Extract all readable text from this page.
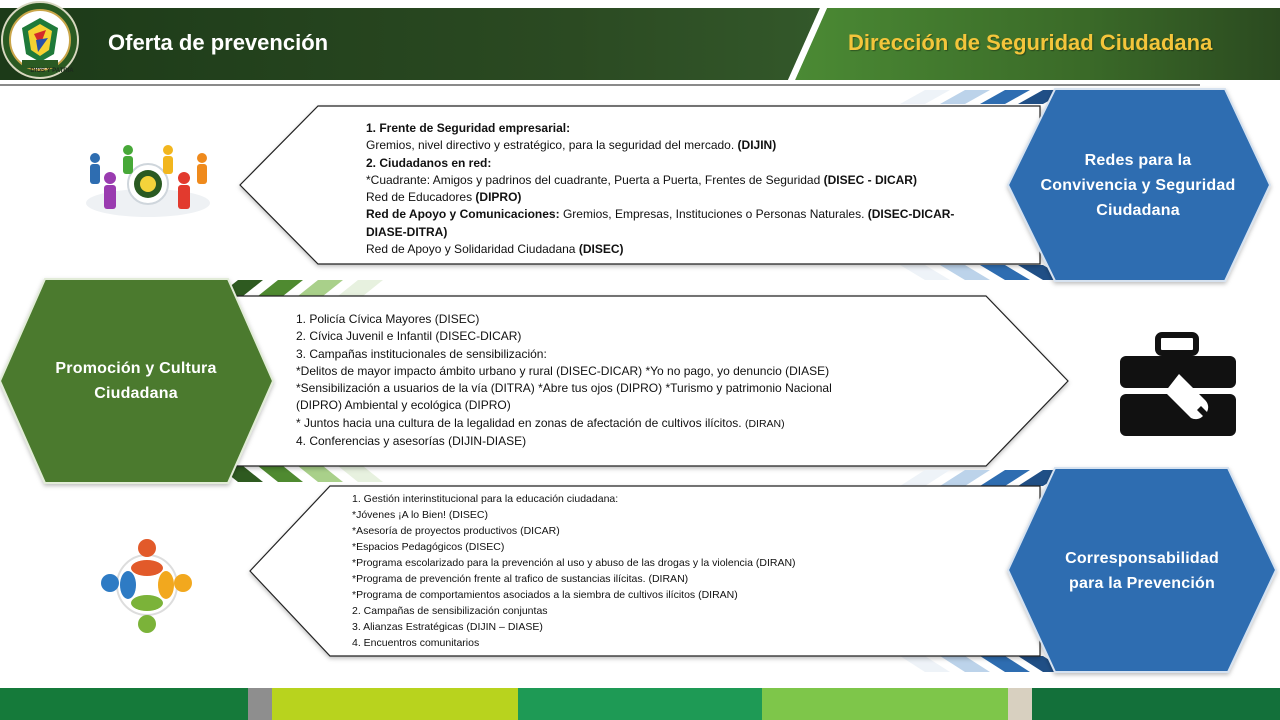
DIOS Y PATRIA
Oferta de prevención	Dirección de Seguridad Ciudadana
1. Frente de Seguridad empresarial:
Gremios, nivel directivo y estratégico, para la seguridad del mercado. (DIJIN)
2. Ciudadanos en red:
*Cuadrante: Amigos y padrinos del cuadrante, Puerta a Puerta, Frentes de Seguridad (DISEC - DICAR)
Red de Educadores (DIPRO)
Red de Apoyo y Comunicaciones: Gremios, Empresas, Instituciones o Personas Naturales. (DISEC-DICAR-
DIASE-DITRA)
Red de Apoyo y Solidaridad Ciudadana (DISEC)
1. Policía Cívica Mayores (DISEC)
2. Cívica Juvenil e Infantil (DISEC-DICAR)
3. Campañas institucionales de sensibilización:
*Delitos de mayor impacto ámbito urbano y rural (DISEC-DICAR) *Yo no pago, yo denuncio (DIASE)
*Sensibilización a usuarios de la vía (DITRA) *Abre tus ojos (DIPRO) *Turismo y patrimonio Nacional
(DIPRO) Ambiental y ecológica (DIPRO)
* Juntos hacia una cultura de la legalidad en zonas de afectación de cultivos ilícitos. (DIRAN)
4. Conferencias y asesorías (DIJIN-DIASE)
1. Gestión interinstitucional para la educación ciudadana:
*Jóvenes ¡A lo Bien! (DISEC)
*Asesoría de proyectos productivos (DICAR)
*Espacios Pedagógicos (DISEC)
*Programa escolarizado para la prevención al uso y abuso de las drogas y la violencia (DIRAN)
*Programa de prevención frente al trafico de sustancias ilícitas. (DIRAN)
*Programa de comportamientos asociados a la siembra de cultivos ilícitos (DIRAN)
2. Campañas de sensibilización conjuntas
3. Alianzas Estratégicas (DIJIN – DIASE)
4. Encuentros comunitarios
Redes para la Convivencia y Seguridad Ciudadana
Promoción y Cultura Ciudadana
Corresponsabilidad para la Prevención
